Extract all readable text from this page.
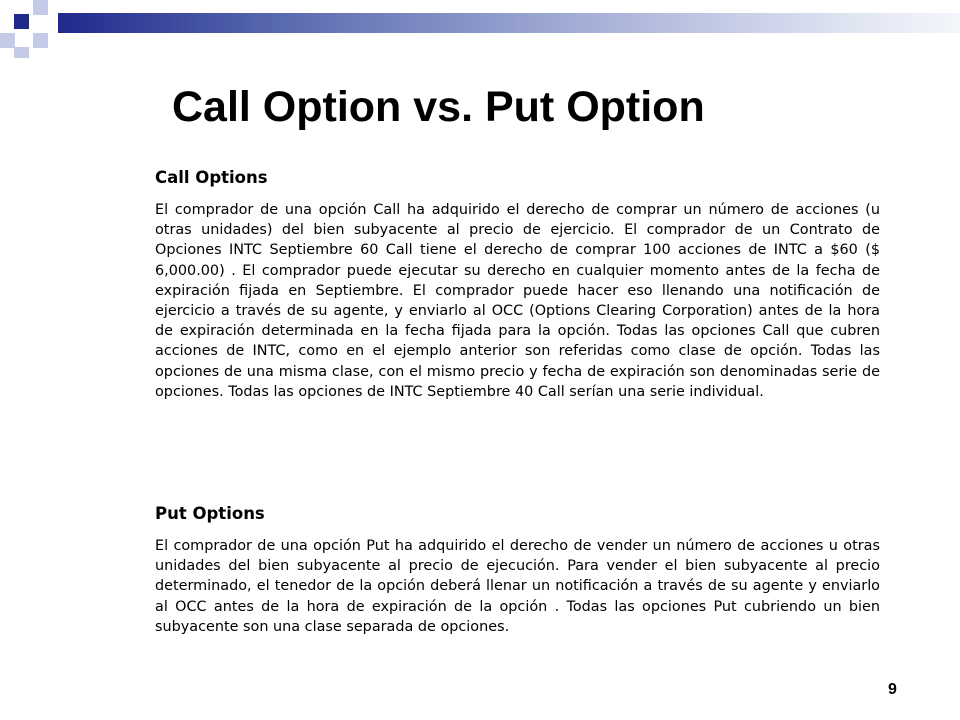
Call Option vs. Put Option
Call Options

El comprador de una opción Call ha adquirido el derecho de comprar un número de acciones (u otras unidades) del bien subyacente al precio de ejercicio. El comprador de un Contrato de Opciones INTC Septiembre 60 Call tiene el derecho de comprar 100 acciones de INTC a $60 ($ 6,000.00) . El comprador puede ejecutar su derecho en cualquier momento antes de la fecha de expiración fijada en Septiembre. El comprador puede hacer eso llenando una notificación de ejercicio a través de su agente, y enviarlo al OCC (Options Clearing Corporation) antes de la hora de expiración determinada en la fecha fijada para la opción. Todas las opciones Call que cubren acciones de INTC, como en el ejemplo anterior son referidas como clase de opción. Todas las opciones de una misma clase, con el mismo precio y fecha de expiración son denominadas serie de opciones. Todas las opciones de INTC Septiembre 40 Call serían una serie individual.

Put Options

El comprador de una opción Put ha adquirido el derecho de vender un número de acciones u otras unidades del bien subyacente al precio de ejecución. Para vender el bien subyacente al precio determinado, el tenedor de la opción deberá llenar un notificación a través de su agente y enviarlo al OCC antes de la hora de expiración de la opción . Todas las opciones Put cubriendo un bien subyacente son una clase separada de opciones.

9
